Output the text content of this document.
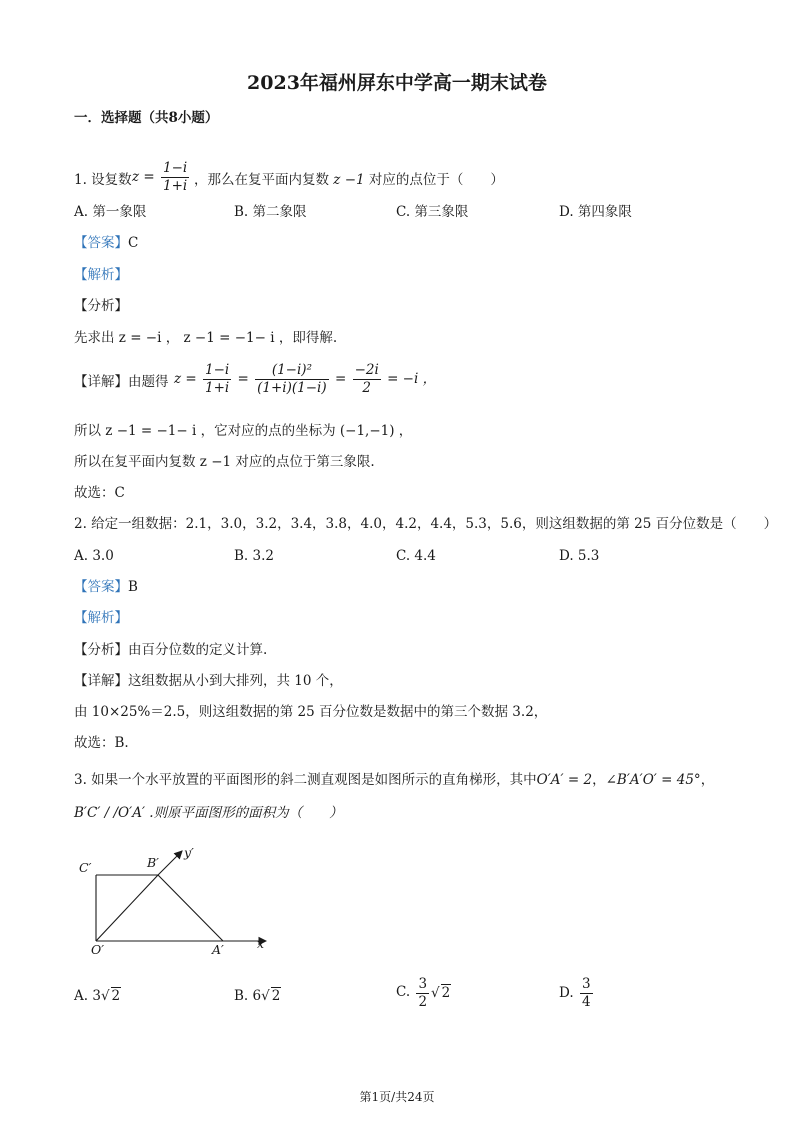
2023年福州屏东中学高一期末试卷
一．选择题（共8小题）
1. 设复数 $z = \frac{1-i}{1+i}$ ，那么在复平面内复数 z −1 对应的点位于（　　）
A. 第一象限	B. 第二象限	C. 第三象限	D. 第四象限
【答案】C
【解析】
【分析】
先求出 z = −i ， z −1 = −1− i ，即得解.
【详解】由题得 $z = \frac{1-i}{1+i} = \frac{\text{(1−i)²}}{(1+i)(1-i)} = \frac{-2i}{2} = -i$ ，
所以 z −1 = −1− i ，它对应的点的坐标为 (−1,−1) ，
所以在复平面内复数 z −1 对应的点位于第三象限.
故选：C
2. 给定一组数据：2.1，3.0，3.2，3.4，3.8，4.0，4.2，4.4，5.3，5.6，则这组数据的第 25 百分位数是（　　）
A. 3.0	B. 3.2	C. 4.4	D. 5.3
【答案】B
【解析】
【分析】由百分位数的定义计算.
【详解】这组数据从小到大排列，共 10 个，
由 10×25%＝2.5，则这组数据的第 25 百分位数是数据中的第三个数据 3.2，
故选：B.
3. 如果一个水平放置的平面图形的斜二测直观图是如图所示的直角梯形，其中O′A′ = 2，∠B′A′O′ = 45°，
B′C′ / /O′A′ .则原平面图形的面积为（　　）
C′	B′
y′
O′	A′	x
A. 3√ 2	B. 6√ 2	C. $\frac{3}{2}$ √ 2	D. $\frac{3}{4}$
第1页/共24页
